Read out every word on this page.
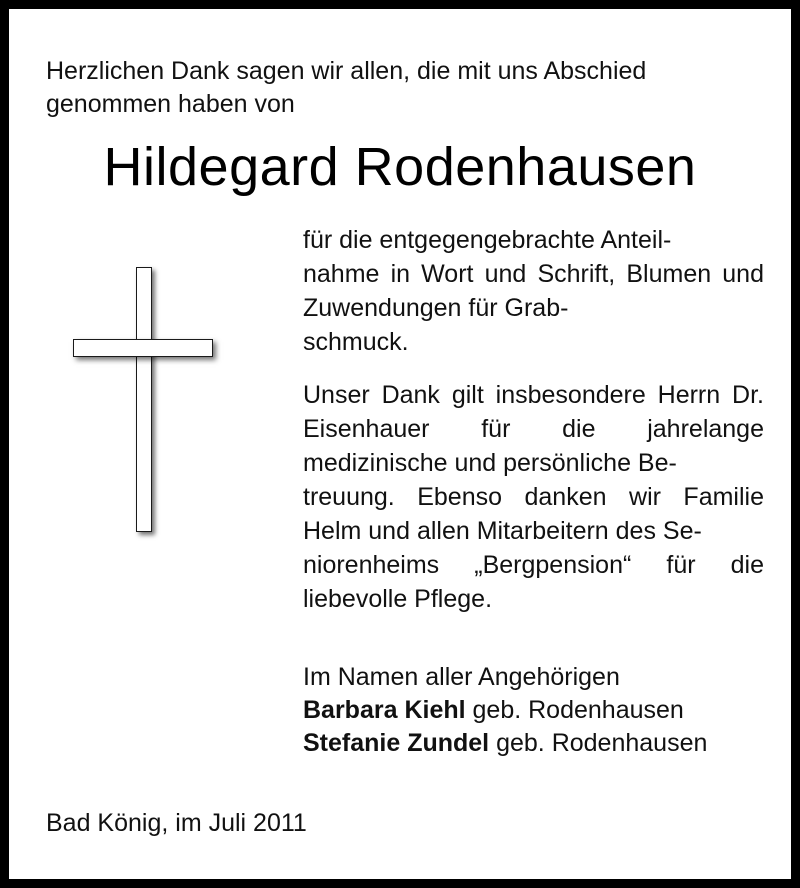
Herzlichen Dank sagen wir allen, die mit uns Abschied genommen haben von
Hildegard Rodenhausen

für die entgegengebrachte Anteil-
nahme in Wort und Schrift, Blumen und Zuwendungen für Grab-
schmuck.

Unser Dank gilt insbesondere Herrn Dr. Eisenhauer für die jahrelange medizinische und persönliche Be-
treuung. Ebenso danken wir Familie Helm und allen Mitarbeitern des Se-
niorenheims „Bergpension“ für die liebevolle Pflege.

Im Namen aller Angehörigen
Barbara Kiehl geb. Rodenhausen
Stefanie Zundel geb. Rodenhausen
Bad König, im Juli 2011
